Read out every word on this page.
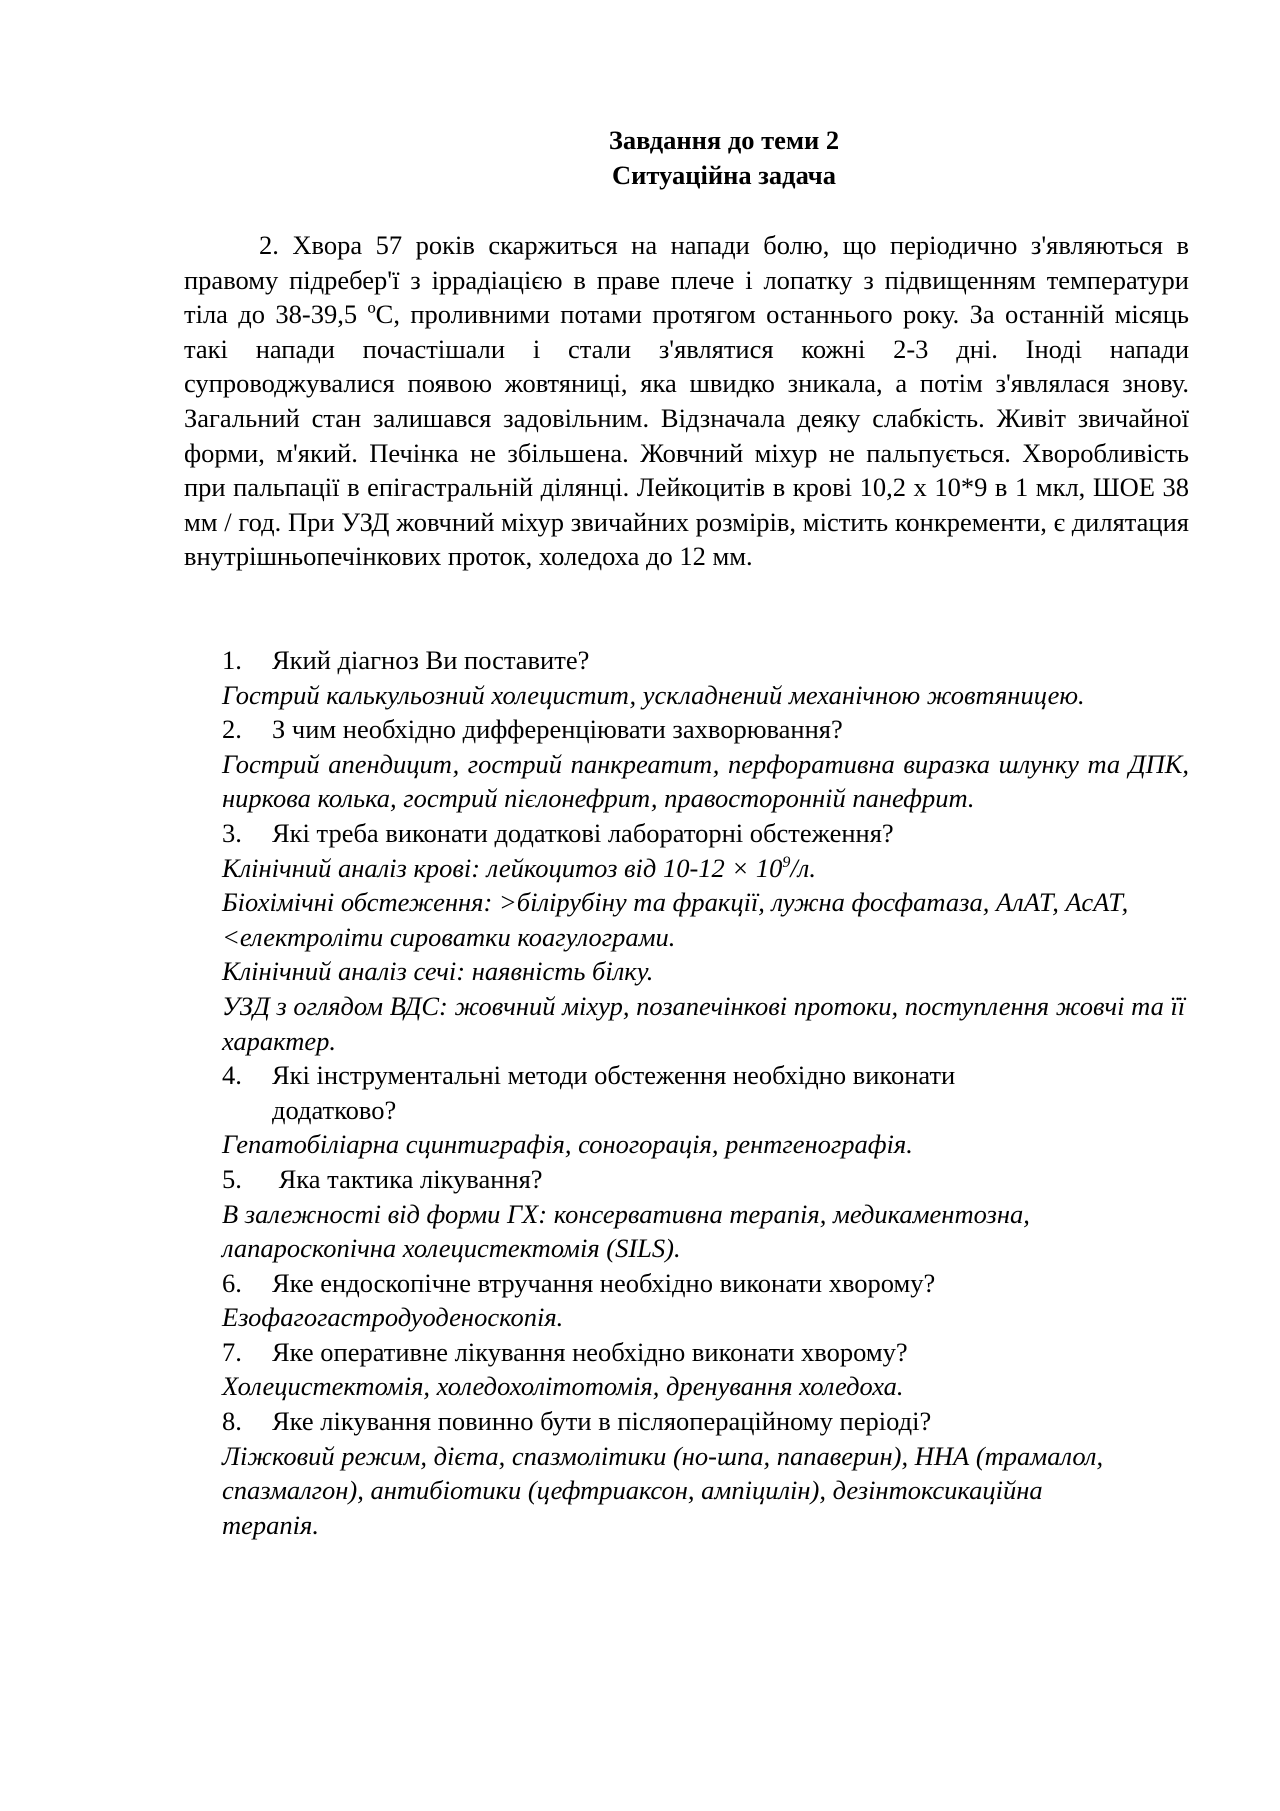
Завдання до теми 2
Ситуаційна задача

2. Хвора 57 років скаржиться на напади болю, що періодично з'являються в правому підребер'ї з іррадіацією в праве плече і лопатку з підвищенням температури тіла до 38-39,5 ºС, проливними потами протягом останнього року. За останній місяць такі напади почастішали і стали з'являтися кожні 2-3 дні. Іноді напади супроводжувалися появою жовтяниці, яка швидко зникала, а потім з'являлася знову. Загальний стан залишався задовільним. Відзначала деяку слабкість. Живіт звичайної форми, м'який. Печінка не збільшена. Жовчний міхур не пальпується. Хворобливість при пальпації в епігастральній ділянці. Лейкоцитів в крові 10,2 x 10*9 в 1 мкл, ШОЕ 38 мм / год. При УЗД жовчний міхур звичайних розмірів, містить конкременти, є дилятация внутрішньопечінкових проток, холедоха до 12 мм.

1. Який діагноз Ви поставите?

Гострий калькульозний холецистит, ускладнений механічною жовтяницею.

2. З чим необхідно дифференціювати захворювання?

Гострий апендицит, гострий панкреатит, перфоративна виразка шлунку та ДПК, ниркова колька, гострий пієлонефрит, правосторонній панефрит.

3. Які треба виконати додаткові лабораторні обстеження?

Клінічний аналіз крові: лейкоцитоз від $10-12 \times 10^9/л$.

Біохімічні обстеження: >білірубіну та фракції, лужна фосфатаза, АлАТ, АсАТ, <електроліти сироватки коагулограми.

Клінічний аналіз сечі: наявність білку.

УЗД з оглядом ВДС: жовчний міхур, позапечінкові протоки, поступлення жовчі та її характер.

4. Які інструментальні методи обстеження необхідно виконати додатково?

Гепатобіліарна сцинтиграфія, соногорація, рентгенографія.

5. Яка тактика лікування?

В залежності від форми ГХ: консервативна терапія, медикаментозна, лапароскопічна холецистектомія (SILS).

6. Яке ендоскопічне втручання необхідно виконати хворому?

Езофагогастродуоденоскопія.

7. Яке оперативне лікування необхідно виконати хворому?

Холецистектомія, холедохолітотомія, дренування холедоха.

8. Яке лікування повинно бути в післяопераційному періоді?

Ліжковий режим, дієта, спазмолітики (но-шпа, папаверин), ННА (трамалол, спазмалгон), антибіотики (цефтриаксон, ампіцилін), дезінтоксикаційна терапія.
